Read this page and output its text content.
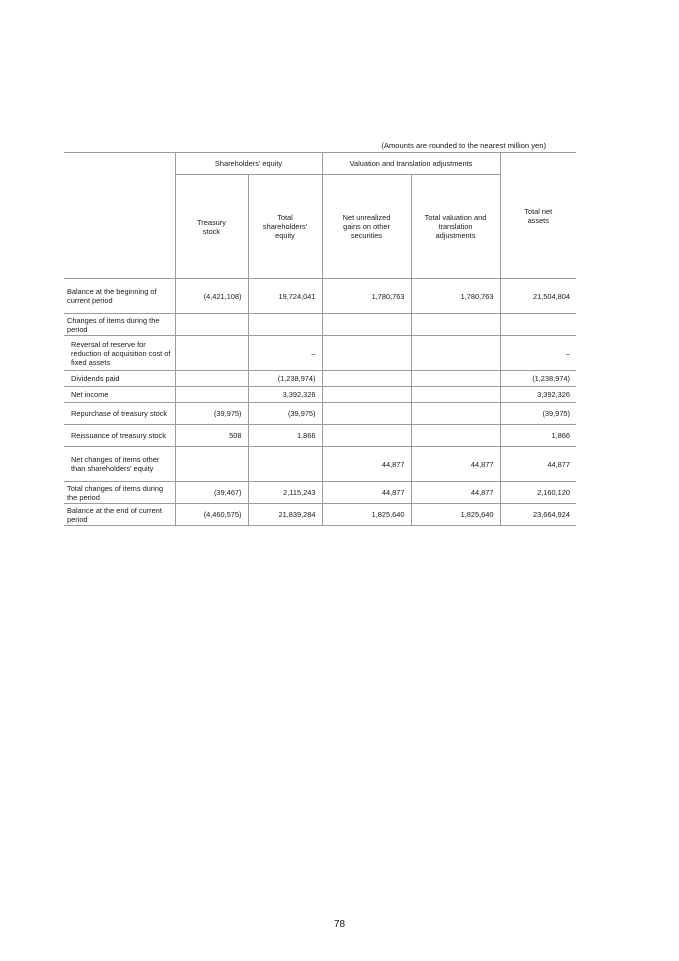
(Amounts are rounded to the nearest million yen)
	Shareholders' equity		Valuation and translation adjustments		Total net assets
	Treasury stock	Total shareholders' equity	Net unrealized gains on other securities	Total valuation and translation adjustments	
Balance at the beginning of current period	(4,421,108)	19,724,041	1,780,763	1,780,763	21,504,804
Changes of items during the period					
Reversal of reserve for reduction of acquisition cost of fixed assets		–			–
Dividends paid		(1,238,974)			(1,238,974)
Net income		3,392,326			3,392,326
Repurchase of treasury stock	(39,975)	(39,975)			(39,975)
Reissuance of treasury stock	508	1,866			1,866
Net changes of items other than shareholders' equity			44,877	44,877	44,877
Total changes of items during the period	(39,467)	2,115,243	44,877	44,877	2,160,120
Balance at the end of current period	(4,460,575)	21,839,284	1,825,640	1,825,640	23,664,924
78
